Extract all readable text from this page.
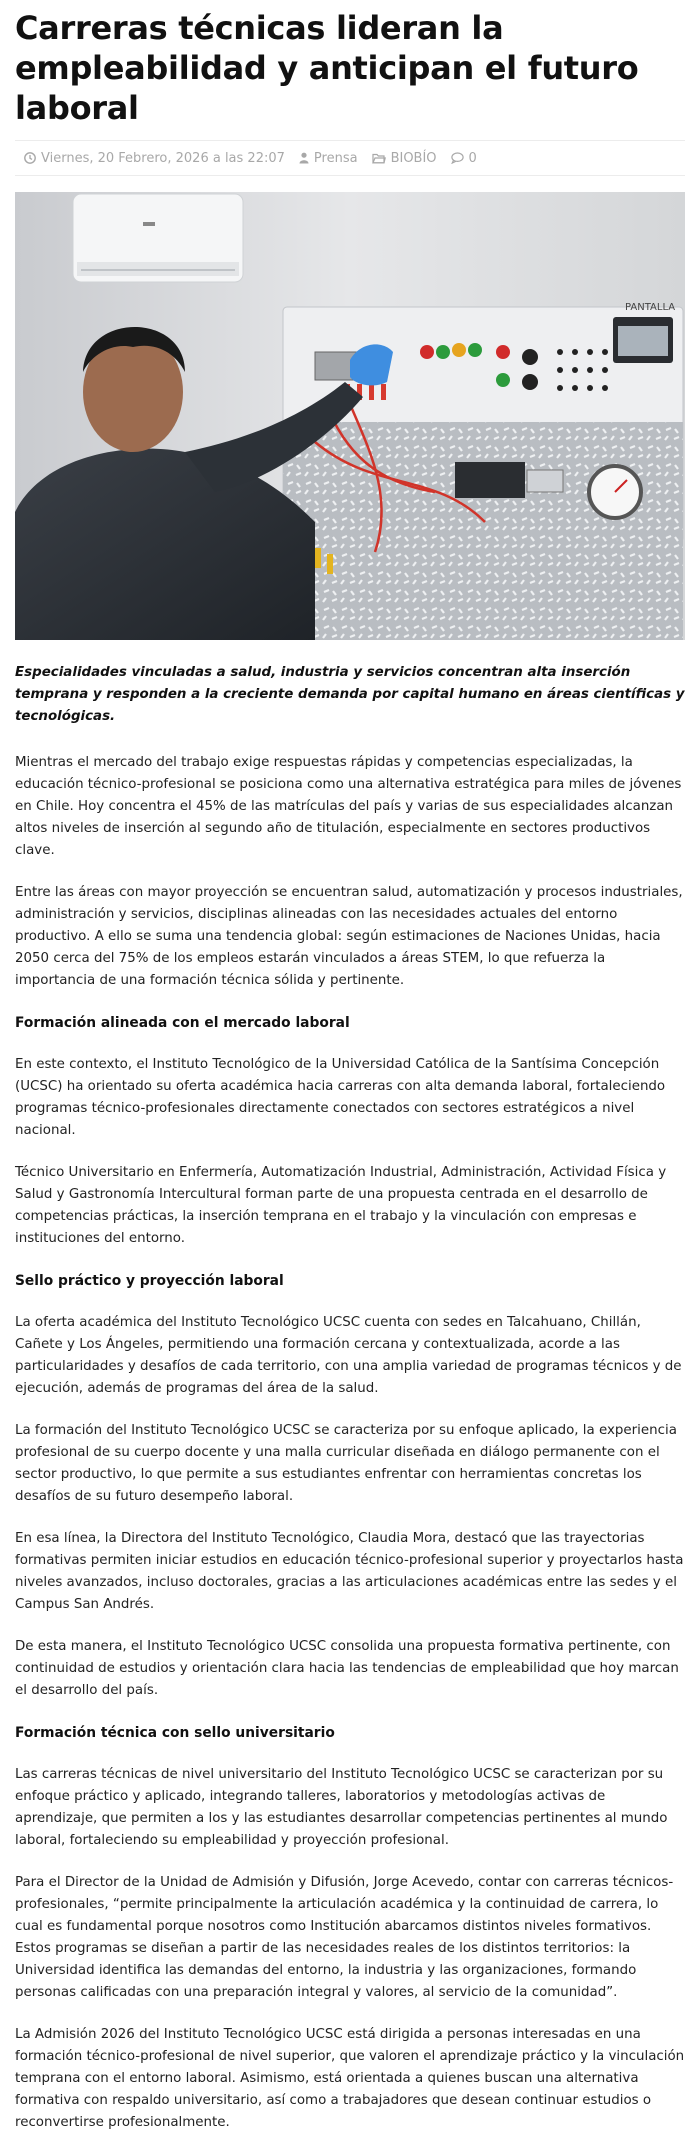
Carreras técnicas lideran la empleabilidad y anticipan el futuro laboral
Viernes, 20 Febrero, 2026 a las 22:07 Prensa	BIOBÍO 0
PANTALLA

Especialidades vinculadas a salud, industria y servicios concentran alta inserción temprana y responden a la creciente demanda por capital humano en áreas científicas y tecnológicas.

Mientras el mercado del trabajo exige respuestas rápidas y competencias especializadas, la educación técnico-profesional se posiciona como una alternativa estratégica para miles de jóvenes en Chile. Hoy concentra el 45% de las matrículas del país y varias de sus especialidades alcanzan altos niveles de inserción al segundo año de titulación, especialmente en sectores productivos clave.

Entre las áreas con mayor proyección se encuentran salud, automatización y procesos industriales, administración y servicios, disciplinas alineadas con las necesidades actuales del entorno productivo. A ello se suma una tendencia global: según estimaciones de Naciones Unidas, hacia 2050 cerca del 75% de los empleos estarán vinculados a áreas STEM, lo que refuerza la importancia de una formación técnica sólida y pertinente.

Formación alineada con el mercado laboral

En este contexto, el Instituto Tecnológico de la Universidad Católica de la Santísima Concepción (UCSC) ha orientado su oferta académica hacia carreras con alta demanda laboral, fortaleciendo programas técnico-profesionales directamente conectados con sectores estratégicos a nivel nacional.

Técnico Universitario en Enfermería, Automatización Industrial, Administración, Actividad Física y Salud y Gastronomía Intercultural forman parte de una propuesta centrada en el desarrollo de competencias prácticas, la inserción temprana en el trabajo y la vinculación con empresas e instituciones del entorno.

Sello práctico y proyección laboral

La oferta académica del Instituto Tecnológico UCSC cuenta con sedes en Talcahuano, Chillán, Cañete y Los Ángeles, permitiendo una formación cercana y contextualizada, acorde a las particularidades y desafíos de cada territorio, con una amplia variedad de programas técnicos y de ejecución, además de programas del área de la salud.

La formación del Instituto Tecnológico UCSC se caracteriza por su enfoque aplicado, la experiencia profesional de su cuerpo docente y una malla curricular diseñada en diálogo permanente con el sector productivo, lo que permite a sus estudiantes enfrentar con herramientas concretas los desafíos de su futuro desempeño laboral.

En esa línea, la Directora del Instituto Tecnológico, Claudia Mora, destacó que las trayectorias formativas permiten iniciar estudios en educación técnico-profesional superior y proyectarlos hasta niveles avanzados, incluso doctorales, gracias a las articulaciones académicas entre las sedes y el Campus San Andrés.

De esta manera, el Instituto Tecnológico UCSC consolida una propuesta formativa pertinente, con continuidad de estudios y orientación clara hacia las tendencias de empleabilidad que hoy marcan el desarrollo del país.

Formación técnica con sello universitario

Las carreras técnicas de nivel universitario del Instituto Tecnológico UCSC se caracterizan por su enfoque práctico y aplicado, integrando talleres, laboratorios y metodologías activas de aprendizaje, que permiten a los y las estudiantes desarrollar competencias pertinentes al mundo laboral, fortaleciendo su empleabilidad y proyección profesional.

Para el Director de la Unidad de Admisión y Difusión, Jorge Acevedo, contar con carreras técnicos-profesionales, “permite principalmente la articulación académica y la continuidad de carrera, lo cual es fundamental porque nosotros como Institución abarcamos distintos niveles formativos. Estos programas se diseñan a partir de las necesidades reales de los distintos territorios: la Universidad identifica las demandas del entorno, la industria y las organizaciones, formando personas calificadas con una preparación integral y valores, al servicio de la comunidad”.

La Admisión 2026 del Instituto Tecnológico UCSC está dirigida a personas interesadas en una formación técnico-profesional de nivel superior, que valoren el aprendizaje práctico y la vinculación temprana con el entorno laboral. Asimismo, está orientada a quienes buscan una alternativa formativa con respaldo universitario, así como a trabajadores que desean continuar estudios o reconvertirse profesionalmente.
